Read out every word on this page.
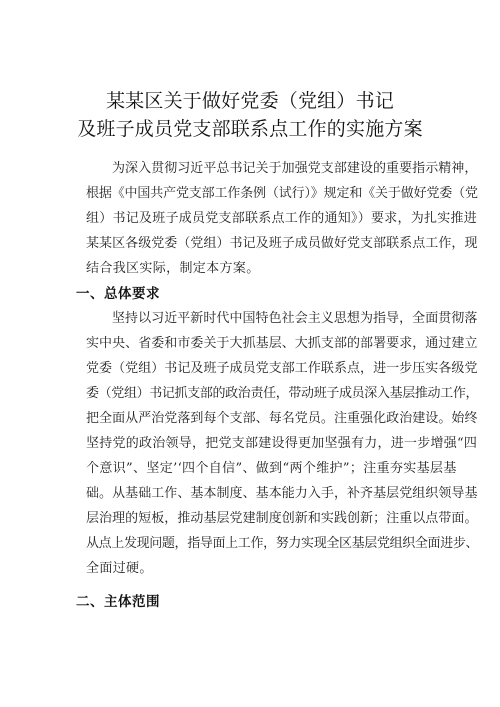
某某区关于做好党委（党组）书记
及班子成员党支部联系点工作的实施方案

为深入贯彻习近平总书记关于加强党支部建设的重要指示精神，

根据《中国共产党支部工作条例（试行）》规定和《关于做好党委（党

组）书记及班子成员党支部联系点工作的通知》）要求，为扎实推进

某某区各级党委（党组）书记及班子成员做好党支部联系点工作，现

结合我区实际，制定本方案。

一、总体要求

坚持以习近平新时代中国特色社会主义思想为指导，全面贯彻落

实中央、省委和市委关于大抓基层、大抓支部的部署要求，通过建立

党委（党组）书记及班子成员党支部工作联系点，进一步压实各级党

委（党组）书记抓支部的政治责任，带动班子成员深入基层推动工作，

把全面从严治党落到每个支部、每名党员。注重强化政治建设。始终

坚持党的政治领导，把党支部建设得更加坚强有力，进一步增强“四

个意识”、坚定’‘四个自信”、做到“两个维护”；注重夯实基层基

础。从基础工作、基本制度、基本能力入手，补齐基层党组织领导基

层治理的短板，推动基层党建制度创新和实践创新；注重以点带面。

从点上发现问题，指导面上工作，努力实现全区基层党组织全面进步、

全面过硬。

二、主体范围
